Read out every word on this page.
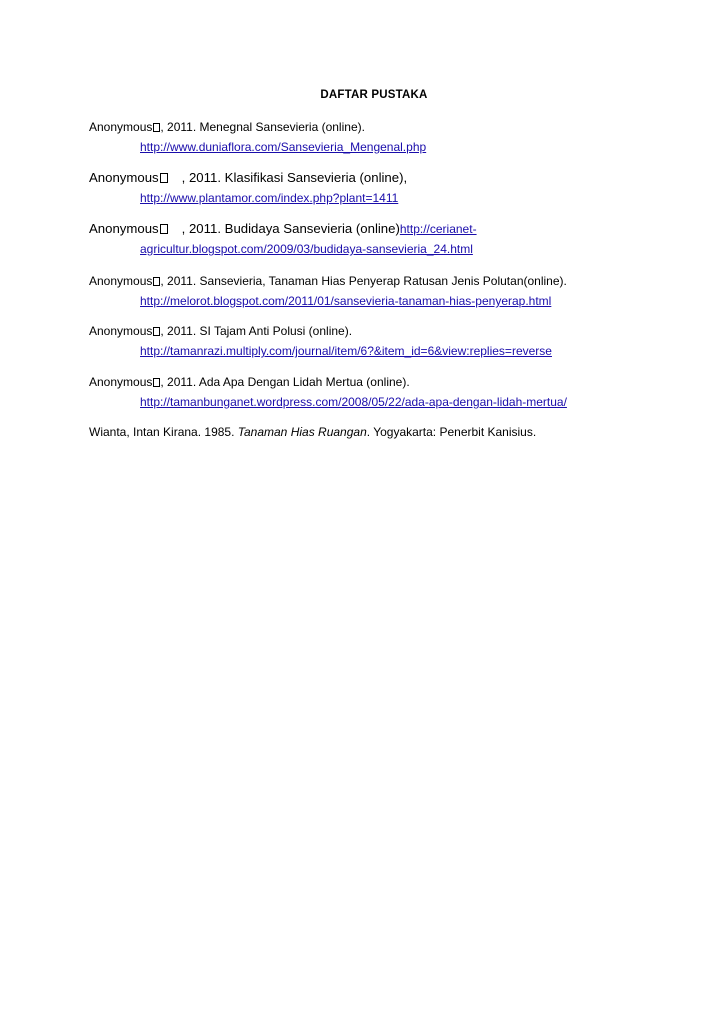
DAFTAR PUSTAKA
Anonymous , 2011. Menegnal Sansevieria (online).
http://www.duniaflora.com/Sansevieria_Mengenal.php
Anonymous , 2011. Klasifikasi Sansevieria (online),
http://www.plantamor.com/index.php?plant=1411
Anonymous , 2011. Budidaya Sansevieria (online)http://cerianet-
agricultur.blogspot.com/2009/03/budidaya-sansevieria_24.html
Anonymous , 2011. Sansevieria, Tanaman Hias Penyerap Ratusan Jenis Polutan(online).
http://melorot.blogspot.com/2011/01/sansevieria-tanaman-hias-penyerap.html
Anonymous , 2011. SI Tajam Anti Polusi (online).
http://tamanrazi.multiply.com/journal/item/6?&item_id=6&view:replies=reverse
Anonymous , 2011. Ada Apa Dengan Lidah Mertua (online).
http://tamanbunganet.wordpress.com/2008/05/22/ada-apa-dengan-lidah-mertua/
Wianta, Intan Kirana. 1985. Tanaman Hias Ruangan. Yogyakarta: Penerbit Kanisius.
